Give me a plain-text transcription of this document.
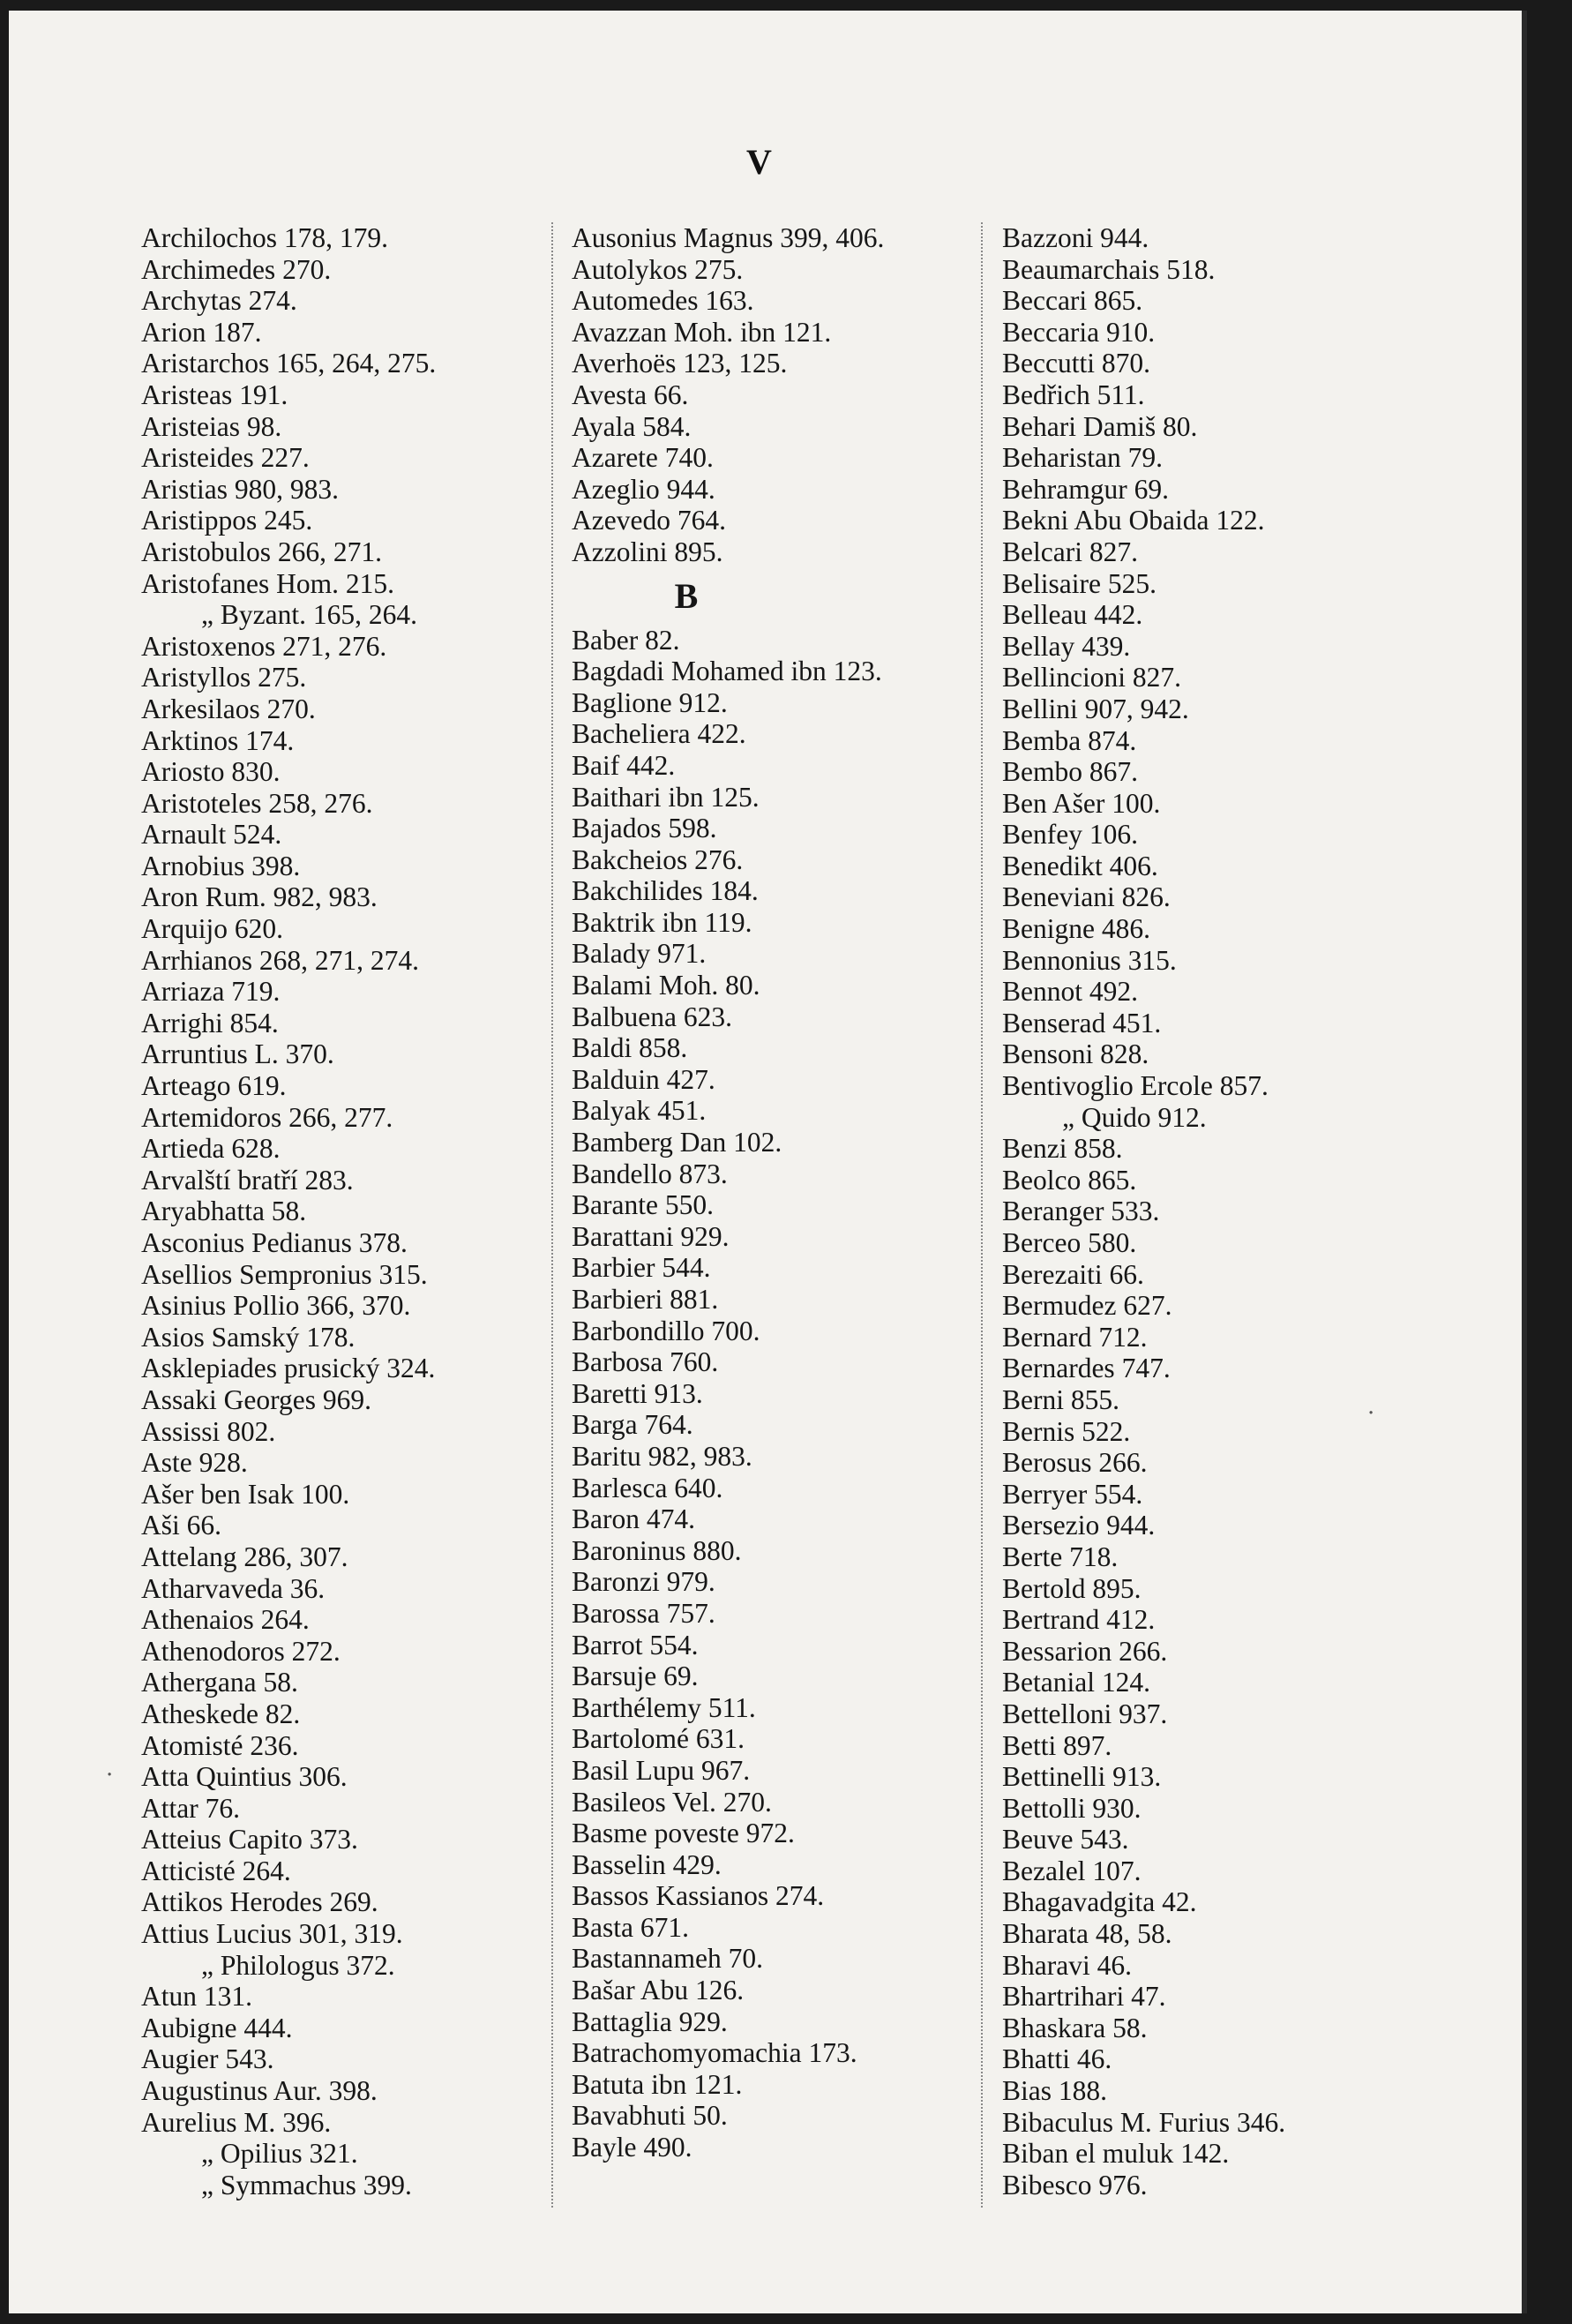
V
Archilochos 178, 179.
Archimedes 270.
Archytas 274.
Arion 187.
Aristarchos 165, 264, 275.
Aristeas 191.
Aristeias 98.
Aristeides 227.
Aristias 980, 983.
Aristippos 245.
Aristobulos 266, 271.
Aristofanes Hom. 215.
„ Byzant. 165, 264.
Aristoxenos 271, 276.
Aristyllos 275.
Arkesilaos 270.
Arktinos 174.
Ariosto 830.
Aristoteles 258, 276.
Arnault 524.
Arnobius 398.
Aron Rum. 982, 983.
Arquijo 620.
Arrhianos 268, 271, 274.
Arriaza 719.
Arrighi 854.
Arruntius L. 370.
Arteago 619.
Artemidoros 266, 277.
Artieda 628.
Arvalští bratří 283.
Aryabhatta 58.
Asconius Pedianus 378.
Asellios Sempronius 315.
Asinius Pollio 366, 370.
Asios Samský 178.
Asklepiades prusický 324.
Assaki Georges 969.
Assissi 802.
Aste 928.
Ašer ben Isak 100.
Aši 66.
Attelang 286, 307.
Atharvaveda 36.
Athenaios 264.
Athenodoros 272.
Athergana 58.
Atheskede 82.
Atomisté 236.
Atta Quintius 306.
Attar 76.
Atteius Capito 373.
Atticisté 264.
Attikos Herodes 269.
Attius Lucius 301, 319.
„ Philologus 372.
Atun 131.
Aubigne 444.
Augier 543.
Augustinus Aur. 398.
Aurelius M. 396.
„ Opilius 321.
„ Symmachus 399.
Ausonius Magnus 399, 406.
Autolykos 275.
Automedes 163.
Avazzan Moh. ibn 121.
Averhoës 123, 125.
Avesta 66.
Ayala 584.
Azarete 740.
Azeglio 944.
Azevedo 764.
Azzolini 895.
B
Baber 82.
Bagdadi Mohamed ibn 123.
Baglione 912.
Bacheliera 422.
Baif 442.
Baithari ibn 125.
Bajados 598.
Bakcheios 276.
Bakchilides 184.
Baktrik ibn 119.
Balady 971.
Balami Moh. 80.
Balbuena 623.
Baldi 858.
Balduin 427.
Balyak 451.
Bamberg Dan 102.
Bandello 873.
Barante 550.
Barattani 929.
Barbier 544.
Barbieri 881.
Barbondillo 700.
Barbosa 760.
Baretti 913.
Barga 764.
Baritu 982, 983.
Barlesca 640.
Baron 474.
Baroninus 880.
Baronzi 979.
Barossa 757.
Barrot 554.
Barsuje 69.
Barthélemy 511.
Bartolomé 631.
Basil Lupu 967.
Basileos Vel. 270.
Basme poveste 972.
Basselin 429.
Bassos Kassianos 274.
Basta 671.
Bastannameh 70.
Bašar Abu 126.
Battaglia 929.
Batrachomyomachia 173.
Batuta ibn 121.
Bavabhuti 50.
Bayle 490.
Bazzoni 944.
Beaumarchais 518.
Beccari 865.
Beccaria 910.
Beccutti 870.
Bedřich 511.
Behari Damiš 80.
Beharistan 79.
Behramgur 69.
Bekni Abu Obaida 122.
Belcari 827.
Belisaire 525.
Belleau 442.
Bellay 439.
Bellincioni 827.
Bellini 907, 942.
Bemba 874.
Bembo 867.
Ben Ašer 100.
Benfey 106.
Benedikt 406.
Beneviani 826.
Benigne 486.
Bennonius 315.
Bennot 492.
Benserad 451.
Bensoni 828.
Bentivoglio Ercole 857.
„ Quido 912.
Benzi 858.
Beolco 865.
Beranger 533.
Berceo 580.
Berezaiti 66.
Bermudez 627.
Bernard 712.
Bernardes 747.
Berni 855.
Bernis 522.
Berosus 266.
Berryer 554.
Bersezio 944.
Berte 718.
Bertold 895.
Bertrand 412.
Bessarion 266.
Betanial 124.
Bettelloni 937.
Betti 897.
Bettinelli 913.
Bettolli 930.
Beuve 543.
Bezalel 107.
Bhagavadgita 42.
Bharata 48, 58.
Bharavi 46.
Bhartrihari 47.
Bhaskara 58.
Bhatti 46.
Bias 188.
Bibaculus M. Furius 346.
Biban el muluk 142.
Bibesco 976.
·
·
